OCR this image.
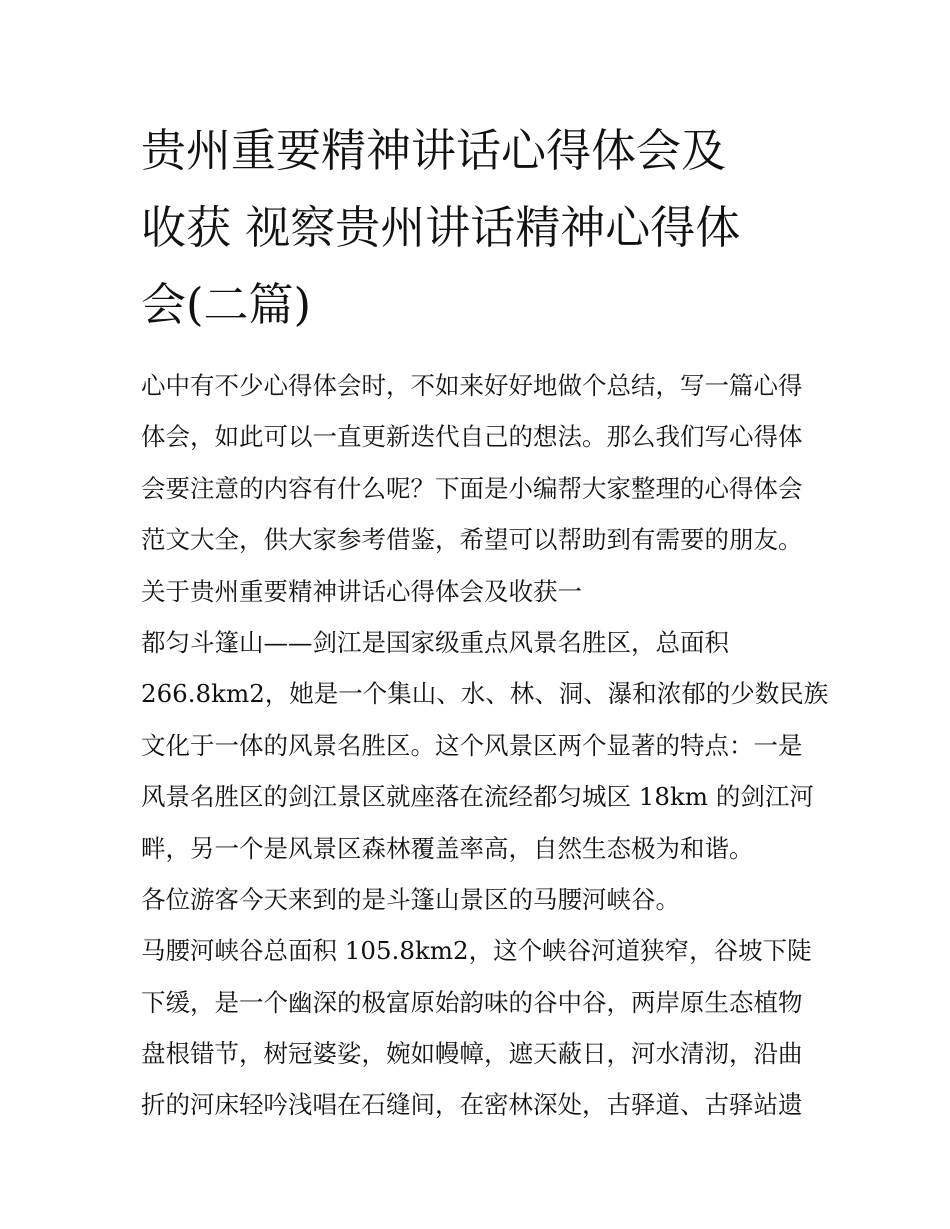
贵州重要精神讲话心得体会及
收获 视察贵州讲话精神心得体
会(二篇)
心中有不少心得体会时，不如来好好地做个总结，写一篇心得
体会，如此可以一直更新迭代自己的想法。那么我们写心得体
会要注意的内容有什么呢？下面是小编帮大家整理的心得体会
范文大全，供大家参考借鉴，希望可以帮助到有需要的朋友。
关于贵州重要精神讲话心得体会及收获一
都匀斗篷山——剑江是国家级重点风景名胜区，总面积
266.8km2，她是一个集山、水、林、洞、瀑和浓郁的少数民族
文化于一体的风景名胜区。这个风景区两个显著的特点：一是
风景名胜区的剑江景区就座落在流经都匀城区 18km 的剑江河
畔，另一个是风景区森林覆盖率高，自然生态极为和谐。
各位游客今天来到的是斗篷山景区的马腰河峡谷。
马腰河峡谷总面积 105.8km2，这个峡谷河道狭窄，谷坡下陡
下缓，是一个幽深的极富原始韵味的谷中谷，两岸原生态植物
盘根错节，树冠婆娑，婉如幔幛，遮天蔽日，河水清沏，沿曲
折的河床轻吟浅唱在石缝间，在密林深处，古驿道、古驿站遗
